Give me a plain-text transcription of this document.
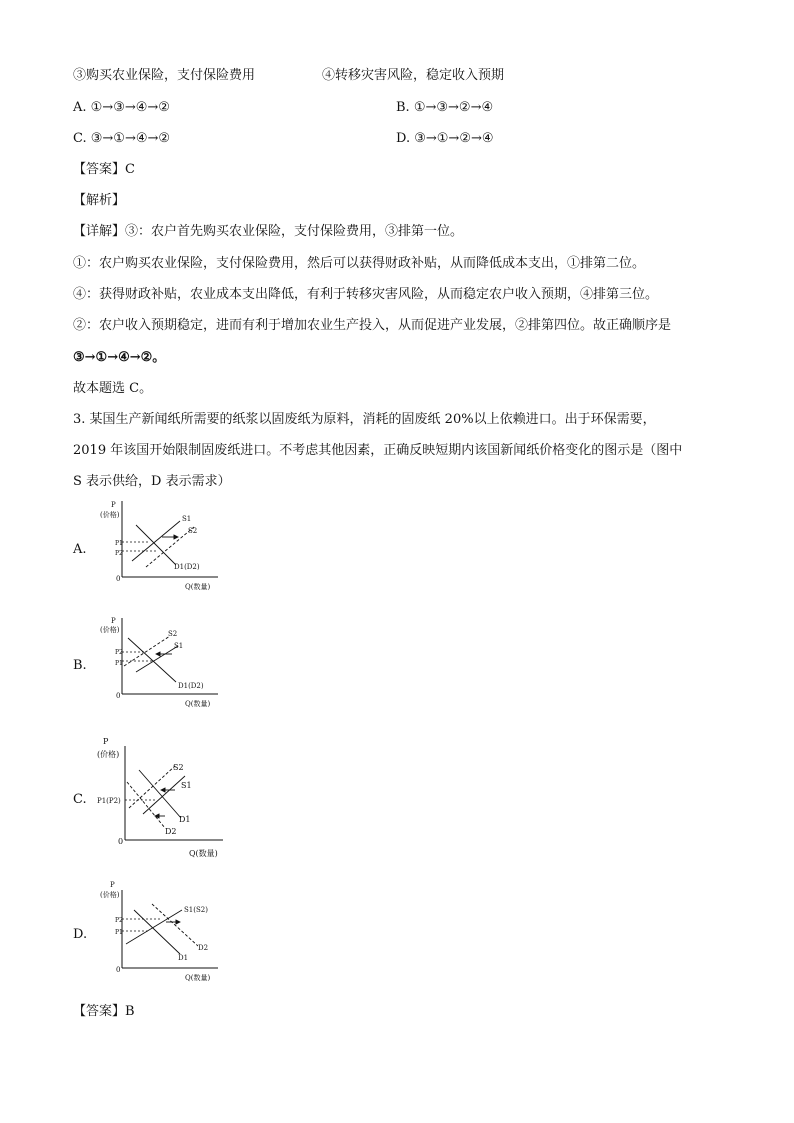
③购买农业保险，支付保险费用	④转移灾害风险，稳定收入预期
A. ①→③→④→②	B. ①→③→②→④
C. ③→①→④→②	D. ③→①→②→④
【答案】C
【解析】
【详解】③：农户首先购买农业保险，支付保险费用，③排第一位。
①：农户购买农业保险，支付保险费用，然后可以获得财政补贴，从而降低成本支出，①排第二位。
④：获得财政补贴，农业成本支出降低，有利于转移灾害风险，从而稳定农户收入预期，④排第三位。
②：农户收入预期稳定，进而有利于增加农业生产投入，从而促进产业发展，②排第四位。故正确顺序是
③→①→④→②。
故本题选 C。
3. 某国生产新闻纸所需要的纸浆以固废纸为原料，消耗的固废纸 20%以上依赖进口。出于环保需要，
2019 年该国开始限制固废纸进口。不考虑其他因素，正确反映短期内该国新闻纸价格变化的图示是（图中
S 表示供给，D 表示需求）
A.
0
P
(价格)
Q(数量)
P1
P2
S1
S2
D1(D2)
B.
0
P
(价格)
Q(数量)
P2
P1
S2
S1
D1(D2)
C.
0
P
(价格)
Q(数量)
P1(P2)
S2
S1
D1
D2
D.
0
P
(价格)
Q(数量)
P2
P1
S1(S2)
D2
D1
【答案】B
